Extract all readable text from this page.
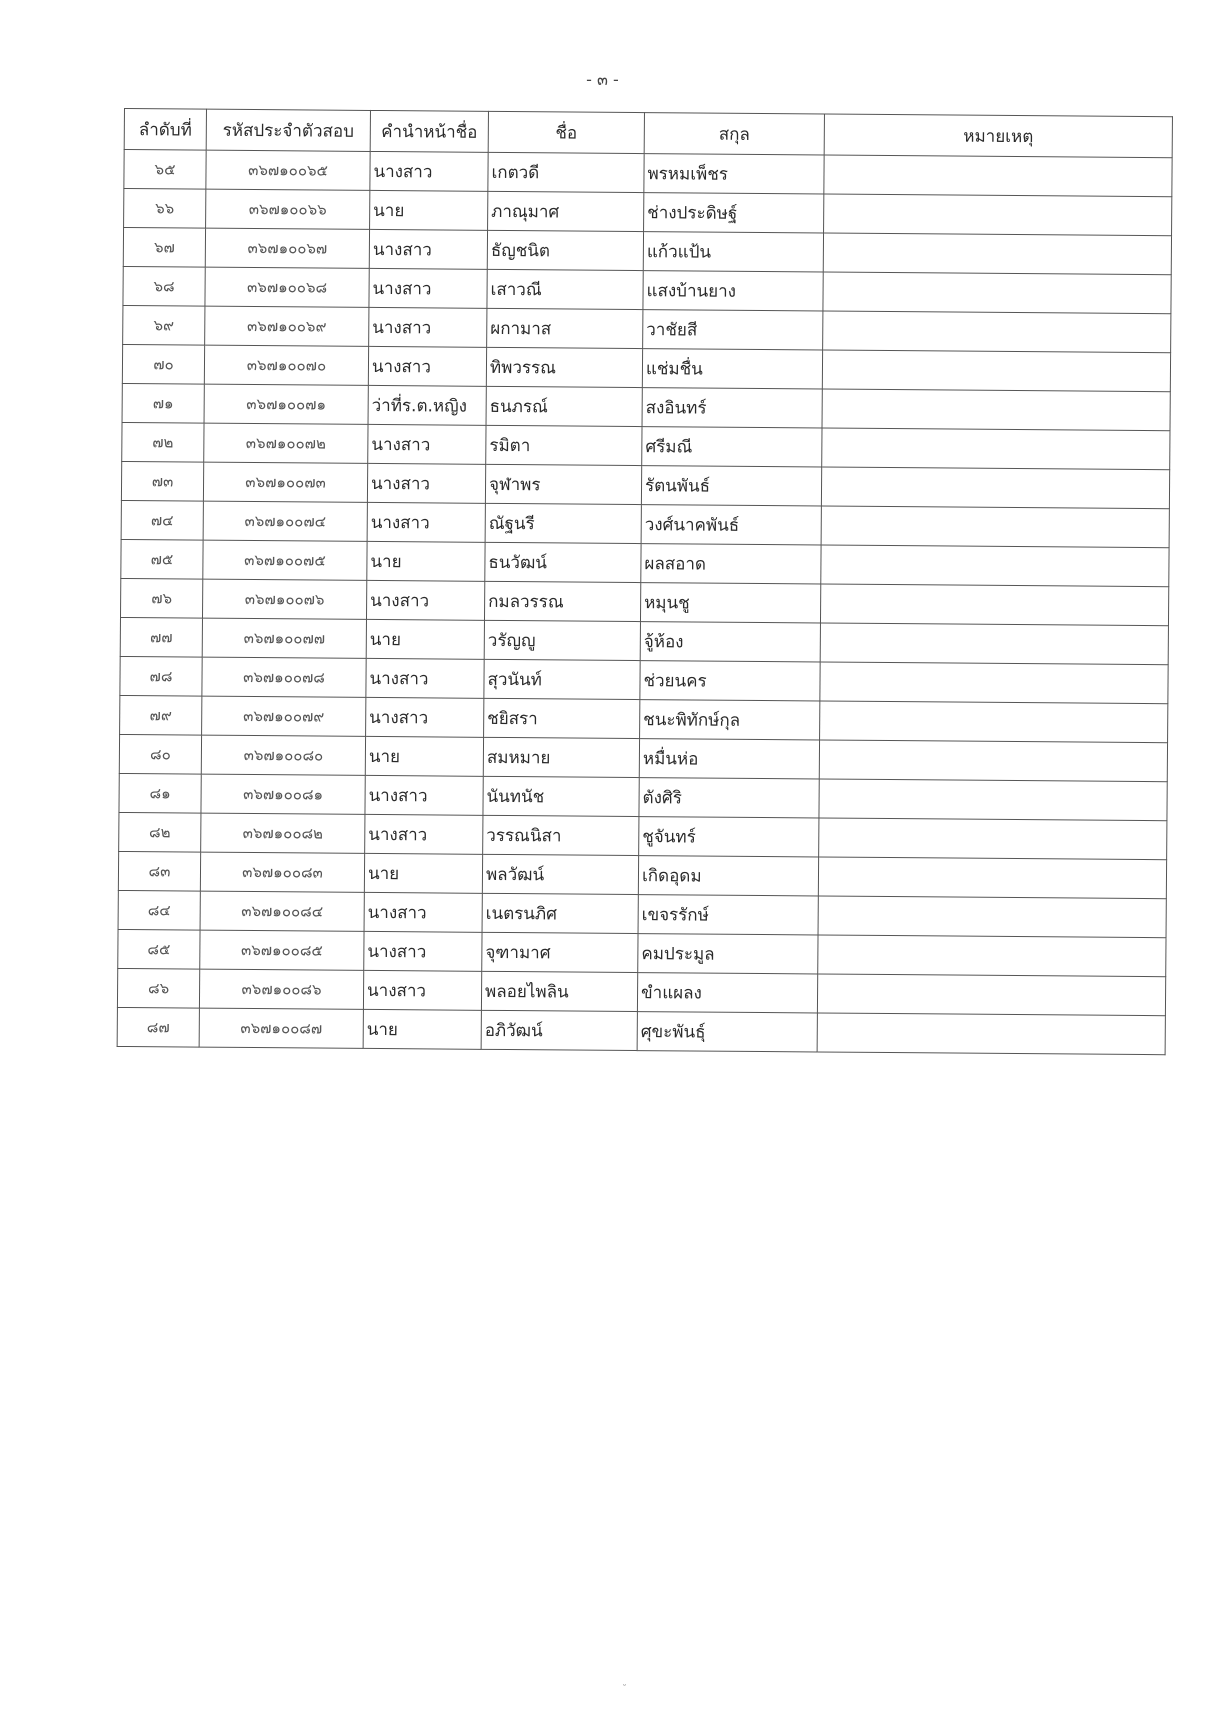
- ๓ -
ลำดับที่	รหัสประจำตัวสอบ	คำนำหน้าชื่อ	ชื่อ	สกุล	หมายเหตุ
๖๕	๓๖๗๑๐๐๖๕	นางสาว	เกตวดี	พรหมเพ็ชร	
๖๖	๓๖๗๑๐๐๖๖	นาย	ภาณุมาศ	ช่างประดิษฐ์	
๖๗	๓๖๗๑๐๐๖๗	นางสาว	ธัญชนิต	แก้วแป้น	
๖๘	๓๖๗๑๐๐๖๘	นางสาว	เสาวณี	แสงบ้านยาง	
๖๙	๓๖๗๑๐๐๖๙	นางสาว	ผกามาส	วาชัยสี	
๗๐	๓๖๗๑๐๐๗๐	นางสาว	ทิพวรรณ	แช่มชื่น	
๗๑	๓๖๗๑๐๐๗๑	ว่าที่ร.ต.หญิง	ธนภรณ์	สงอินทร์	
๗๒	๓๖๗๑๐๐๗๒	นางสาว	รมิตา	ศรีมณี	
๗๓	๓๖๗๑๐๐๗๓	นางสาว	จุฬาพร	รัตนพันธ์	
๗๔	๓๖๗๑๐๐๗๔	นางสาว	ณัฐนรี	วงศ์นาคพันธ์	
๗๕	๓๖๗๑๐๐๗๕	นาย	ธนวัฒน์	ผลสอาด	
๗๖	๓๖๗๑๐๐๗๖	นางสาว	กมลวรรณ	หมุนชู	
๗๗	๓๖๗๑๐๐๗๗	นาย	วรัญญู	จู้ห้อง	
๗๘	๓๖๗๑๐๐๗๘	นางสาว	สุวนันท์	ช่วยนคร	
๗๙	๓๖๗๑๐๐๗๙	นางสาว	ชยิสรา	ชนะพิทักษ์กุล	
๘๐	๓๖๗๑๐๐๘๐	นาย	สมหมาย	หมื่นห่อ	
๘๑	๓๖๗๑๐๐๘๑	นางสาว	นันทนัช	ตังศิริ	
๘๒	๓๖๗๑๐๐๘๒	นางสาว	วรรณนิสา	ชูจันทร์	
๘๓	๓๖๗๑๐๐๘๓	นาย	พลวัฒน์	เกิดอุดม	
๘๔	๓๖๗๑๐๐๘๔	นางสาว	เนตรนภิศ	เขจรรักษ์	
๘๕	๓๖๗๑๐๐๘๕	นางสาว	จุฑามาศ	คมประมูล	
๘๖	๓๖๗๑๐๐๘๖	นางสาว	พลอยไพลิน	ขำแผลง	
๘๗	๓๖๗๑๐๐๘๗	นาย	อภิวัฒน์	ศุขะพันธุ์	
˘
